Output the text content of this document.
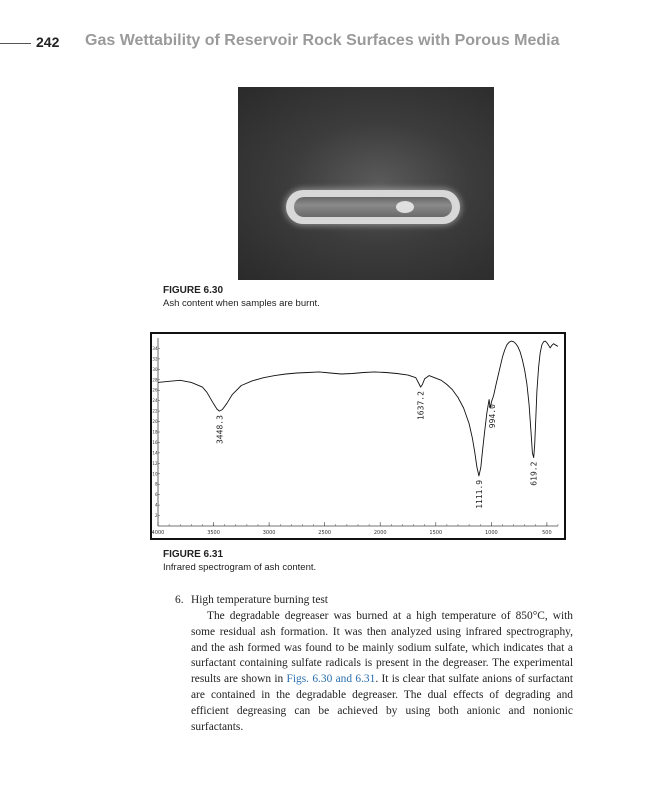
242 Gas Wettability of Reservoir Rock Surfaces with Porous Media
FIGURE 6.30
Ash content when samples are burnt.
4000	3500	3000	2500	2000	1500	1000	500
2
4
6
8
10
12
14
16
18
20
22
24
26
28
30
32
34
3448.3
1637.2
1111.9
994.0
619.2
FIGURE 6.31
Infrared spectrogram of ash content.
6. High temperature burning test
The degradable degreaser was burned at a high temperature of 850°C, with some residual ash formation. It was then analyzed using infrared spectrography, and the ash formed was found to be mainly sodium sulfate, which indicates that a surfactant containing sulfate radicals is present in the degreaser. The experimental results are shown in Figs. 6.30 and 6.31. It is clear that sulfate anions of surfactant are contained in the degradable degreaser. The dual effects of degrading and efficient degreasing can be achieved by using both anionic and nonionic surfactants.
